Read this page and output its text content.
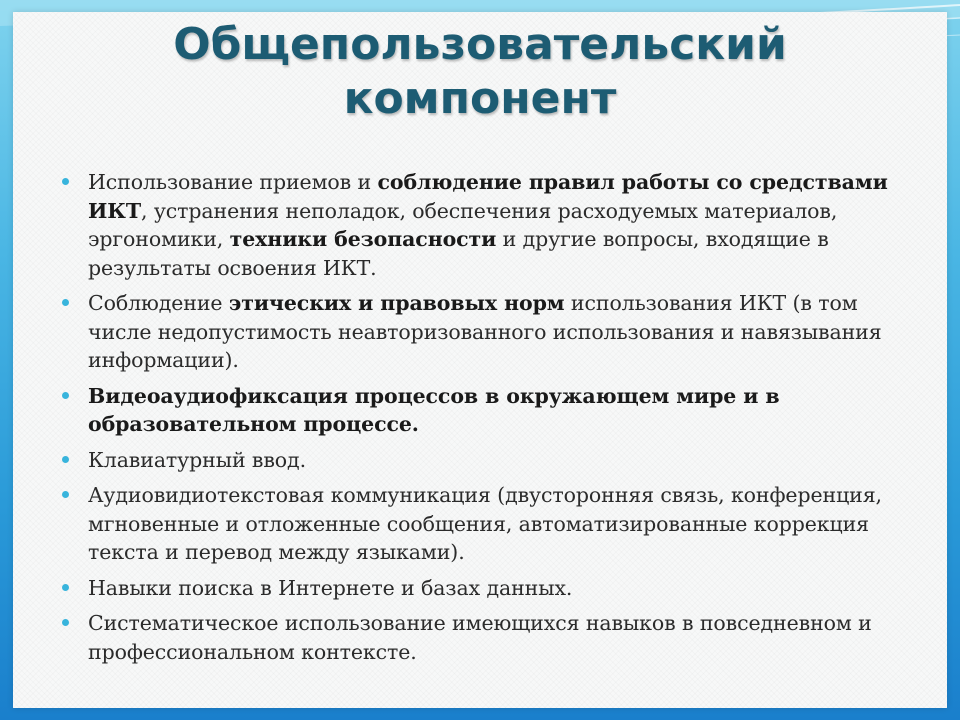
Общепользовательский
компонент
Использование приемов и соблюдение правил работы со средствами ИКТ, устранения неполадок, обеспечения расходуемых материалов, эргономики, техники безопасности и другие вопросы, входящие в результаты освоения ИКТ.
Соблюдение этических и правовых норм использования ИКТ (в том числе недопустимость неавторизованного использования и навязывания информации).
Видеоаудиофиксация процессов в окружающем мире и в образовательном процессе.
Клавиатурный ввод.
Аудиовидиотекстовая коммуникация (двусторонняя связь, конференция, мгновенные и отложенные сообщения, автоматизированные коррекция текста и перевод между языками).
Навыки поиска в Интернете и базах данных.
Систематическое использование имеющихся навыков в повседневном и профессиональном контексте.
